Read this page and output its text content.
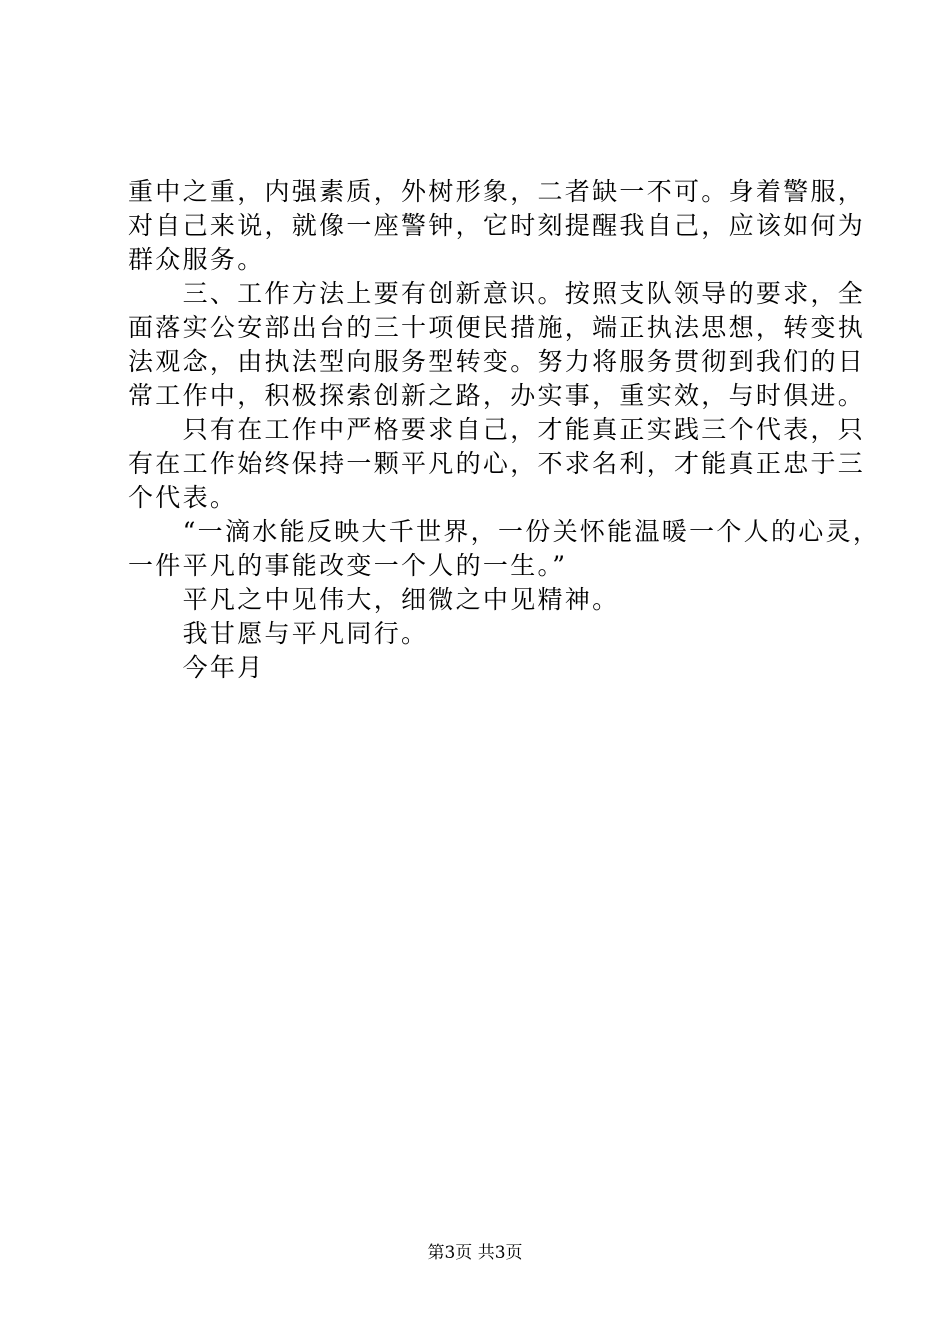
重中之重，内强素质，外树形象，二者缺一不可。身着警服，
对自己来说，就像一座警钟，它时刻提醒我自己，应该如何为
群众服务。
　　三、工作方法上要有创新意识。按照支队领导的要求，全
面落实公安部出台的三十项便民措施，端正执法思想，转变执
法观念，由执法型向服务型转变。努力将服务贯彻到我们的日
常工作中，积极探索创新之路，办实事，重实效，与时俱进。
　　只有在工作中严格要求自己，才能真正实践三个代表，只
有在工作始终保持一颗平凡的心，不求名利，才能真正忠于三
个代表。
　　“一滴水能反映大千世界，一份关怀能温暖一个人的心灵，
一件平凡的事能改变一个人的一生。”
　　平凡之中见伟大，细微之中见精神。
　　我甘愿与平凡同行。
　　今年月
第3页 共3页
